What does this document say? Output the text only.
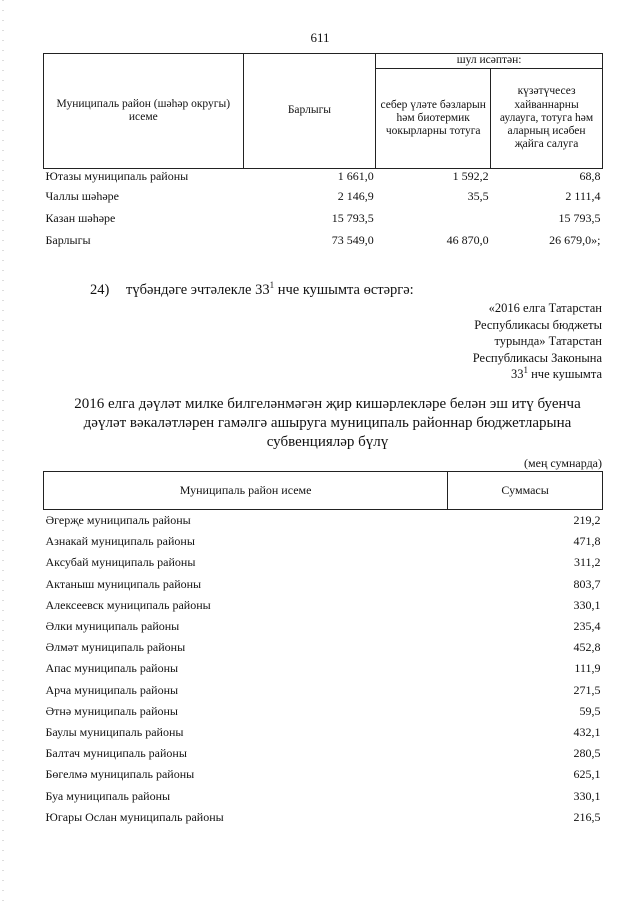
611
Муниципаль район (шәһәр округы) исеме	Барлыгы	шул исәптән:	
		себер үләте бәзларын һәм биотермик чокырларны тотуга	күзәтүчесез хайваннарны аулауга, тотуга һәм аларның исәбен җайга салуга
Ютазы муниципаль районы	1 661,0	1 592,2	68,8
Чаллы шәһәре	2 146,9	35,5	2 111,4
Казан шәһәре	15 793,5		15 793,5
Барлыгы	73 549,0	46 870,0	26 679,0»;
24) түбәндәге эчтәлекле $33^1$ нче кушымта өстәргә:
«2016 елга Татарстан
Республикасы бюджеты
турында» Татарстан
Республикасы Законына
$33^1$ нче кушымта
2016 елга дәүләт милке билгеләнмәгән җир кишәрлекләре белән эш итү буенча дәүләт вәкаләтләрен гамәлгә ашыруга муниципаль районнар бюджетларына субвенцияләр бүлү
(мең сумнарда)
Муниципаль район исеме	Суммасы
Әгерҗе муниципаль районы	219,2
Азнакай муниципаль районы	471,8
Аксубай муниципаль районы	311,2
Актаныш муниципаль районы	803,7
Алексеевск муниципаль районы	330,1
Әлки муниципаль районы	235,4
Әлмәт муниципаль районы	452,8
Апас муниципаль районы	111,9
Арча муниципаль районы	271,5
Әтнә муниципаль районы	59,5
Баулы муниципаль районы	432,1
Балтач муниципаль районы	280,5
Бөгелмә муниципаль районы	625,1
Буа муниципаль районы	330,1
Югары Ослан муниципаль районы	216,5
